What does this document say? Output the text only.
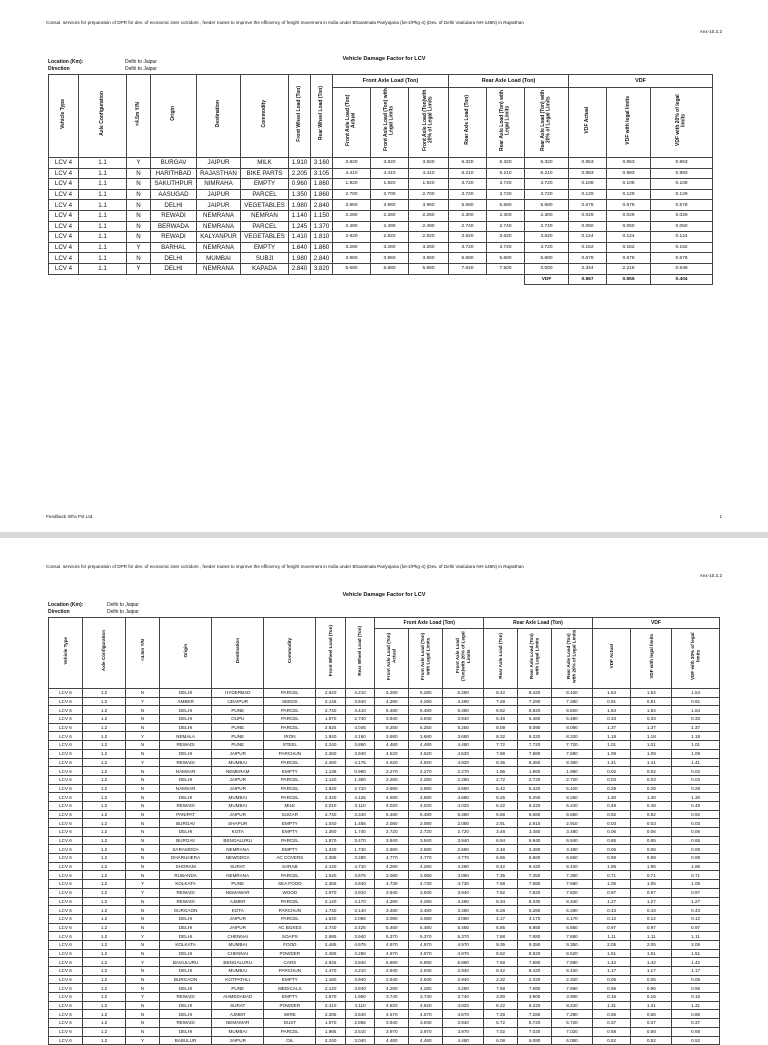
Consul. services for preparation of DPR for dev. of economic inter corridors , feeder routes to improve the efficiency of freight movement in India under Bharatmala Pariyojana (lot-4/Pkg-4) (Dev. of Delhi Vadodara NH-148N) in Rajasthan
Anx-10.2.2
Vehicle Damage Factor for LCV
Location (Km):	Delhi to Jaipur
Direction	Delhi to Jaipur
Vehicle Type	Axle Configuration	<4.5m Y/N	Origin	Destination	Commodity	Front Wheel Load (Ton)	Rear Wheel Load (Ton)	Front Axle Load (Ton)			Rear Axle Load (Ton)			VDF		
								Front Axle Load (Ton) Actual	Front Axle Load (Ton) with Legal Limits	Front Axle Load (Ton)with 20% of Legal Limits	Rear Axle Load (Ton)	Rear Axle Load (Ton) with Legal Limits	Rear Axle Load (Ton) with 20% of Legal Limits	VDF Actual	VDF with legal limits	VDF with 20% of legal limits
LCV 4	1.1	Y	BURGAV	JAIPUR	MILK	1.910	3.160	3.820	3.820	3.820	6.320	6.320	6.320	0.953	0.953	0.953
LCV 4	1.1	N	HARITHBAD	RAJASTHAN	BIKE PARTS	2.205	3.105	4.410	4.410	4.410	6.210	6.210	6.210	0.983	0.983	0.983
LCV 4	1.1	N	SAKUTHPUR	NIMRAHA	EMPTY	0.960	1.860	1.920	1.920	1.920	3.720	3.720	3.720	0.108	0.108	0.108
LCV 4	1.1	N	AASUGAD	JAIPUR	PARCEL	1.350	1.860	2.700	2.700	2.700	3.720	3.720	3.720	0.129	0.129	0.129
LCV 4	1.1	N	DELHI	JAIPUR	VEGETABLES	1.980	2.840	3.960	3.960	3.960	5.680	5.680	5.680	0.678	0.678	0.678
LCV 4	1.1	N	REWADI	NEMRANA	NEMRAN	1.140	1.150	2.280	2.280	2.280	2.300	2.300	2.300	0.029	0.029	0.029
LCV 4	1.1	N	BERWADA	NEMRANA	PARCEL	1.245	1.370	2.490	2.490	2.490	2.740	2.740	2.740	0.050	0.050	0.050
LCV 4	1.1	N	REWADI	KALYANPUR	VEGETABLES	1.410	1.810	2.820	2.820	2.820	3.620	3.620	3.620	0.124	0.124	0.124
LCV 4	1.1	Y	BARHAL	NEMRANA	EMPTY	1.640	1.860	3.280	3.280	3.280	3.720	3.720	3.720	0.162	0.162	0.162
LCV 4	1.1	N	DELHI	MUMBAI	SUBJI	1.980	2.840	3.960	3.960	3.960	5.680	5.680	5.680	0.678	0.678	0.678
LCV 4	1.1	Y	DELHI	NEMRANA	KAPADA	2.840	3.820	5.680	5.680	5.680	7.640	7.500	0.000	2.344	2.216	0.549
													VDF	0.567	0.555	0.404
Feedback Infra Pvt Ltd.	1
Consul. services for preparation of DPR for dev. of economic inter corridors , feeder routes to improve the efficiency of freight movement in India under Bharatmala Pariyojana (lot-4/Pkg-4) (Dev. of Delhi Vadodara NH-148N) in Rajasthan
Anx-10.2.2
Vehicle Damage Factor for LCV
Location (Km):	Delhi to Jaipur
Direction	Delhi to Jaipur
Vehicle Type	Axle Configuration	<4.5m Y/N	Origin	Destination	Commodity	Front Wheel Load (Ton)	Rear Wheel Load (Ton)	Front Axle Load (Ton)			Rear Axle Load (Ton)			VDF		
								Front Axle Load (Ton) Actual	Front Axle Load (Ton) with Legal Limits	Front Axle Load (Ton)with 20% of Legal Limits	Rear Axle Load (Ton)	Rear Axle Load (Ton) with Legal Limits	Rear Axle Load (Ton) with 20% of Legal Limits	VDF Actual	VDF with legal limits	VDF with 20% of legal limits
LCV 6	1.2	N	DELHI	HYDERBAD	PARCEL	2.640	4.210	5.280	5.280	5.280	8.42	8.420	8.420	1.54	1.54	1.54
LCV 6	1.2	Y	AMBER	UDAIPUR	SEEDS	2.145	3.640	4.290	4.290	4.290	7.28	7.280	7.280	0.81	0.81	0.81
LCV 6	1.2	N	DELHI	PUNE	PARCEL	2.740	4.410	5.480	5.480	5.480	8.82	8.820	8.820	1.84	1.84	1.84
LCV 6	1.2	N	DELHI	OUPU	PARCEL	1.970	2.740	3.940	3.940	3.940	5.48	5.480	5.480	0.33	0.33	0.33
LCV 6	1.2	N	DELHI	PUNE	PARCEL	2.625	4.045	5.250	5.250	5.250	8.09	8.090	8.090	1.37	1.37	1.37
LCV 6	1.2	Y	NEMALA	PUNE	IRON	1.840	4.160	3.680	3.680	3.680	8.32	8.320	8.320	1.18	1.18	1.18
LCV 6	1.2	N	REWADI	PUNE	STEEL	2.240	3.860	4.480	4.480	4.480	7.72	7.720	7.720	1.01	1.01	1.01
LCV 6	1.2	N	DELHI	JAIPUR	PARCHUN	2.260	3.940	4.520	4.520	4.520	7.88	7.880	7.880	1.09	1.09	1.09
LCV 6	1.2	Y	REWADI	MUMBAI	PARCEL	2.460	4.175	4.920	4.920	4.920	8.35	8.350	8.350	1.41	1.41	1.41
LCV 6	1.2	N	NAMSAR	NEMERAM	EMPTY	1.135	0.980	2.270	2.270	2.270	1.96	1.960	1.960	0.02	0.02	0.02
LCV 6	1.2	N	DELHI	JAIPUR	PARCEL	1.140	1.360	2.280	2.280	2.280	2.72	2.720	2.720	0.03	0.03	0.03
LCV 6	1.2	N	NAMSAR	JAIPUR	PARCEL	1.840	2.710	3.680	3.680	3.680	5.42	5.420	5.420	0.29	0.29	0.29
LCV 6	1.2	N	DELHI	MUMBAI	PARCEL	2.340	4.125	4.680	4.680	4.680	8.25	8.250	8.250	1.30	1.30	1.30
LCV 6	1.2	N	REWADI	MUMBAI	MILK	2.010	3.110	4.020	4.020	4.020	6.22	6.220	6.220	0.48	0.48	0.48
LCV 6	1.2	N	PANIPAT	JAIPUR	SUGAR	2.740	3.340	5.480	5.480	5.480	6.68	6.680	6.680	0.92	0.92	0.92
LCV 6	1.2	N	BURGAV	SHAPUR	EMPTY	1.040	1.455	2.080	2.080	2.080	2.91	2.910	2.910	0.03	0.03	0.03
LCV 6	1.2	N	DELHI	KOTA	EMPTY	1.360	1.740	2.720	2.720	2.720	3.48	3.480	3.480	0.06	0.06	0.06
LCV 6	1.2	N	BURGAV	BENGALURU	PARCEL	1.970	3.470	3.940	3.940	3.940	6.94	6.940	6.940	0.65	0.65	0.65
LCV 6	1.2	N	SARAMODA	NEMRANA	EMPTY	1.340	1.740	2.680	2.680	2.680	3.48	3.480	3.480	0.06	0.06	0.06
LCV 6	1.2	N	DHARUHERA	NEWDDGA	AC COVERS	2.385	3.280	4.770	4.770	4.770	6.56	6.560	6.560	0.69	0.69	0.69
LCV 6	1.2	N	SHORAM	SURAT	SARAB	2.140	4.710	4.280	4.280	4.280	9.42	9.420	9.420	1.95	1.95	1.95
LCV 6	1.2	N	RUBANDA	NEMRANA	PARCEL	1.540	3.675	3.080	3.080	3.080	7.35	7.350	7.350	0.71	0.71	0.71
LCV 6	1.2	Y	KOLKATA	PUNE	SEA FOOD	2.365	3.840	4.730	4.730	4.730	7.68	7.680	7.680	1.05	1.05	1.05
LCV 6	1.2	Y	REWADI	NEMAWAR	WOOD	1.970	3.910	3.940	3.940	3.940	7.82	7.820	7.820	0.97	0.97	0.97
LCV 6	1.2	N	REWADI	AJMER	PARCEL	2.140	4.170	4.280	4.280	4.280	8.34	8.340	8.340	1.27	1.27	1.27
LCV 6	1.2	N	GURGAON	KOTA	PARCHUN	1.740	3.140	3.480	3.480	3.480	6.28	6.280	6.280	0.43	0.43	0.43
LCV 6	1.2	N	DELHI	JAIPUR	PARCEL	1.540	2.085	3.080	3.080	3.080	4.17	4.170	4.170	0.12	0.12	0.12
LCV 6	1.2	N	DELHI	JAIPUR	AC BOXES	2.740	3.425	5.480	5.480	5.480	6.85	6.850	6.850	0.97	0.97	0.97
LCV 6	1.2	Y	DELHI	CHENNAI	SOAPS	2.685	3.940	5.370	5.370	5.370	7.88	7.880	7.880	1.11	1.11	1.11
LCV 6	1.2	N	KOLKATA	MUMBAI	FOOD	2.485	4.675	4.970	4.970	4.970	9.35	9.350	9.350	2.05	2.05	2.05
LCV 6	1.2	N	DELHI	CHENNAI	POWDER	2.485	4.260	4.970	4.970	4.970	8.52	8.520	8.520	1.51	1.51	1.51
LCV 6	1.2	Y	BAGULURU	BENGALURU	CARS	2.945	3.840	5.890	5.890	5.890	7.68	7.680	7.680	1.42	1.42	1.42
LCV 6	1.2	N	DELHI	MUMBAI	PARCHUN	1.470	4.210	2.940	2.940	2.940	8.42	8.420	8.420	1.17	1.17	1.17
LCV 6	1.2	N	BURGAON	KOTPATHLI	EMPTY	1.160	3.940	2.940	2.940	2.940	2.32	2.320	2.320	0.05	0.05	0.05
LCV 6	1.2	N	DELHI	PUNE	MEDICALS	2.140	3.840	4.280	4.280	4.280	7.68	7.680	7.680	0.96	0.96	0.96
LCV 6	1.2	Y	REWADI	AHMEDABAD	EMPTY	1.870	1.950	3.740	3.740	3.740	3.90	3.900	3.900	0.16	0.16	0.16
LCV 6	1.2	N	DELHI	SURAT	POWDER	2.410	4.110	4.820	4.820	4.820	8.22	8.220	8.220	1.31	1.31	1.31
LCV 6	1.2	N	DELHI	AJMER	WIRE	2.285	3.640	4.570	4.570	4.570	7.28	7.280	7.280	0.86	0.86	0.86
LCV 6	1.2	N	REWADI	NEMAMAR	DUST	1.970	2.865	3.940	3.940	3.940	5.72	5.720	5.720	0.37	0.37	0.37
LCV 6	1.2	N	DELHI	MUMBAI	PARCEL	1.985	3.510	3.970	3.970	3.970	7.02	7.020	7.020	0.68	0.68	0.68
LCV 6	1.2	Y	BABULUR	JAIPUR	OIL	2.240	3.040	4.480	4.480	4.480	6.08	6.080	6.080	0.52	0.52	0.52
